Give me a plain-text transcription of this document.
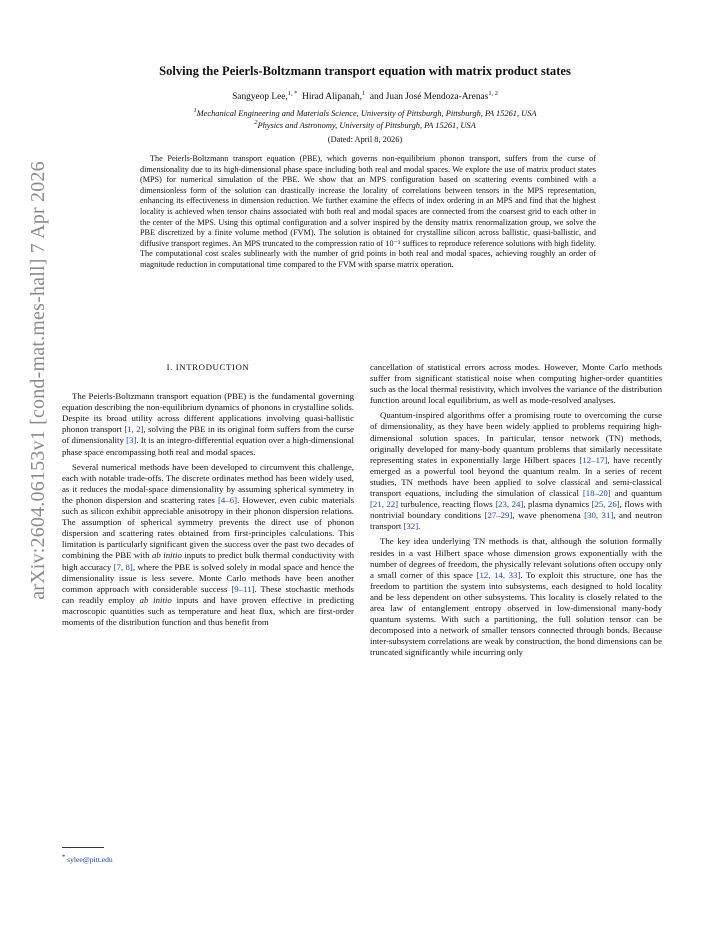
arXiv:2604.06153v1 [cond-mat.mes-hall] 7 Apr 2026
Solving the Peierls-Boltzmann transport equation with matrix product states
Sangyeop Lee,$^{1, *}$ Hirad Alipanah,$^1$ and Juan José Mendoza-Arenas$^{1, 2}$
$^1$Mechanical Engineering and Materials Science, University of Pittsburgh, Pittsburgh, PA 15261, USA
$^2$Physics and Astronomy, University of Pittsburgh, PA 15261, USA
(Dated: April 8, 2026)

The Peierls-Boltzmann transport equation (PBE), which governs non-equilibrium phonon transport, suffers from the curse of dimensionality due to its high-dimensional phase space including both real and modal spaces. We explore the use of matrix product states (MPS) for numerical simulation of the PBE. We show that an MPS configuration based on scattering events combined with a dimensionless form of the solution can drastically increase the locality of correlations between tensors in the MPS representation, enhancing its effectiveness in dimension reduction. We further examine the effects of index ordering in an MPS and find that the highest locality is achieved when tensor chains associated with both real and modal spaces are connected from the coarsest grid to each other in the center of the MPS. Using this optimal configuration and a solver inspired by the density matrix renormalization group, we solve the PBE discretized by a finite volume method (FVM). The solution is obtained for crystalline silicon across ballistic, quasi-ballistic, and diffusive transport regimes. An MPS truncated to the compression ratio of 10⁻³ suffices to reproduce reference solutions with high fidelity. The computational cost scales sublinearly with the number of grid points in both real and modal spaces, achieving roughly an order of magnitude reduction in computational time compared to the FVM with sparse matrix operation.

I. INTRODUCTION

The Peierls-Boltzmann transport equation (PBE) is the fundamental governing equation describing the non-equilibrium dynamics of phonons in crystalline solids. Despite its broad utility across different applications involving quasi-ballistic phonon transport [1, 2], solving the PBE in its original form suffers from the curse of dimensionality [3]. It is an integro-differential equation over a high-dimensional phase space encompassing both real and modal spaces.

Several numerical methods have been developed to circumvent this challenge, each with notable trade-offs. The discrete ordinates method has been widely used, as it reduces the modal-space dimensionality by assuming spherical symmetry in the phonon dispersion and scattering rates [4–6]. However, even cubic materials such as silicon exhibit appreciable anisotropy in their phonon dispersion relations. The assumption of spherical symmetry prevents the direct use of phonon dispersion and scattering rates obtained from first-principles calculations. This limitation is particularly significant given the success over the past two decades of combining the PBE with ab initio inputs to predict bulk thermal conductivity with high accuracy [7, 8], where the PBE is solved solely in modal space and hence the dimensionality issue is less severe. Monte Carlo methods have been another common approach with considerable success [9–11]. These stochastic methods can readily employ ab initio inputs and have proven effective in predicting macroscopic quantities such as temperature and heat flux, which are first-order moments of the distribution function and thus benefit from

cancellation of statistical errors across modes. However, Monte Carlo methods suffer from significant statistical noise when computing higher-order quantities such as the local thermal resistivity, which involves the variance of the distribution function around local equilibrium, as well as mode-resolved analyses.

Quantum-inspired algorithms offer a promising route to overcoming the curse of dimensionality, as they have been widely applied to problems requiring high-dimensional solution spaces. In particular, tensor network (TN) methods, originally developed for many-body quantum problems that similarly necessitate representing states in exponentially large Hilbert spaces [12–17], have recently emerged as a powerful tool beyond the quantum realm. In a series of recent studies, TN methods have been applied to solve classical and semi-classical transport equations, including the simulation of classical [18–20] and quantum [21, 22] turbulence, reacting flows [23, 24], plasma dynamics [25, 26], flows with nontrivial boundary conditions [27–29], wave phenomena [30, 31], and neutron transport [32].

The key idea underlying TN methods is that, although the solution formally resides in a vast Hilbert space whose dimension grows exponentially with the number of degrees of freedom, the physically relevant solutions often occupy only a small corner of this space [12, 14, 33]. To exploit this structure, one has the freedom to partition the system into subsystems, each designed to hold locality and be less dependent on other subsystems. This locality is closely related to the area law of entanglement entropy observed in low-dimensional many-body quantum systems. With such a partitioning, the full solution tensor can be decomposed into a network of smaller tensors connected through bonds. Because inter-subsystem correlations are weak by construction, the bond dimensions can be truncated significantly while incurring only

* sylee@pitt.edu
